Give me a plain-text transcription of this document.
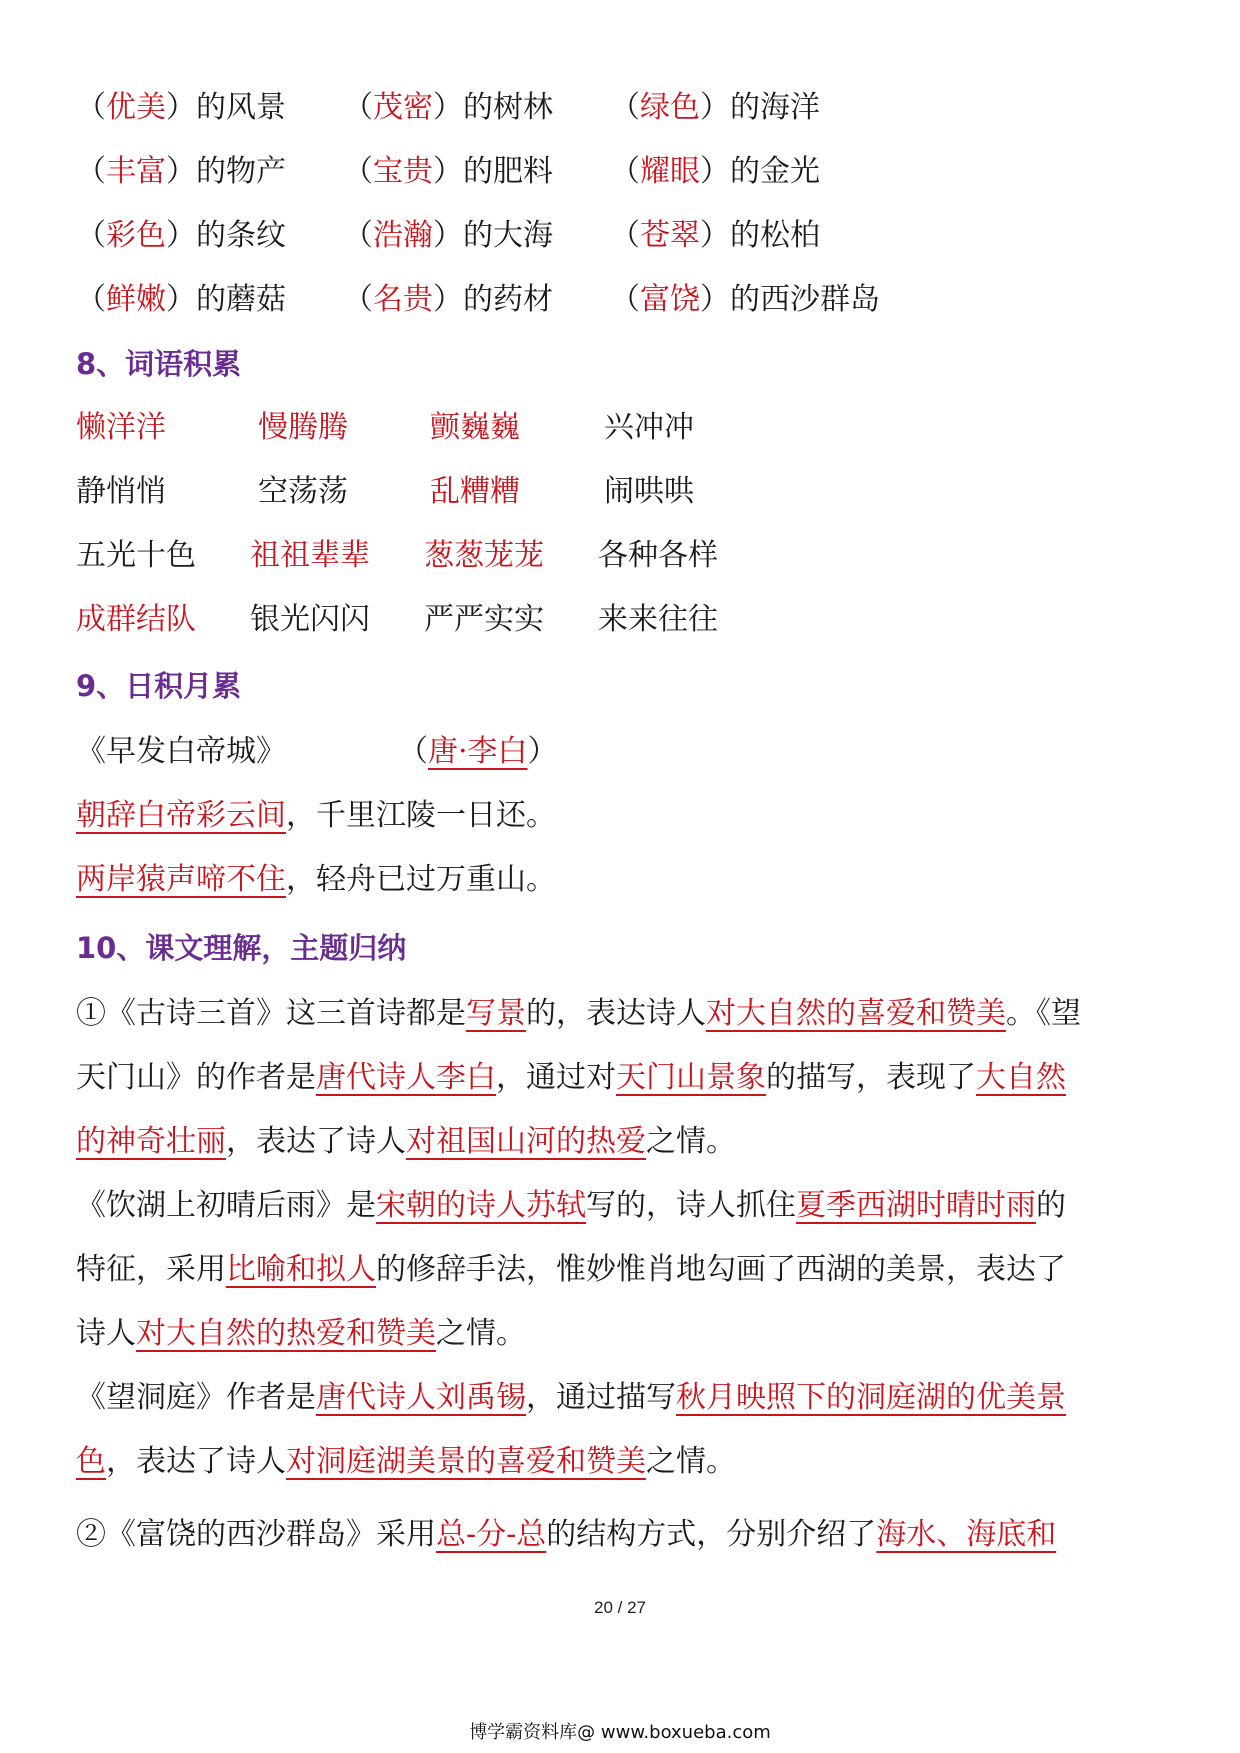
（优美）的风景 （茂密）的树林 （绿色）的海洋
（丰富）的物产 （宝贵）的肥料 （耀眼）的金光
（彩色）的条纹 （浩瀚）的大海 （苍翠）的松柏
（鲜嫩）的蘑菇 （名贵）的药材 （富饶）的西沙群岛
8、词语积累
懒洋洋	慢腾腾	颤巍巍	兴冲冲
静悄悄	空荡荡	乱糟糟	闹哄哄
五光十色 祖祖辈辈 葱葱茏茏 各种各样
成群结队 银光闪闪 严严实实 来来往往
9、日积月累
《早发白帝城》	（唐·李白）
朝辞白帝彩云间，千里江陵一日还。
两岸猿声啼不住，轻舟已过万重山。
10、课文理解，主题归纳
①《古诗三首》这三首诗都是写景的，表达诗人对大自然的喜爱和赞美。《望
天门山》的作者是唐代诗人李白，通过对天门山景象的描写，表现了大自然
的神奇壮丽，表达了诗人对祖国山河的热爱之情。
《饮湖上初晴后雨》是宋朝的诗人苏轼写的，诗人抓住夏季西湖时晴时雨的
特征，采用比喻和拟人的修辞手法，惟妙惟肖地勾画了西湖的美景，表达了
诗人对大自然的热爱和赞美之情。
《望洞庭》作者是唐代诗人刘禹锡，通过描写秋月映照下的洞庭湖的优美景
色，表达了诗人对洞庭湖美景的喜爱和赞美之情。
②《富饶的西沙群岛》采用总-分-总的结构方式，分别介绍了海水、海底和
20 / 27
博学霸资料库@ www.boxueba.com
